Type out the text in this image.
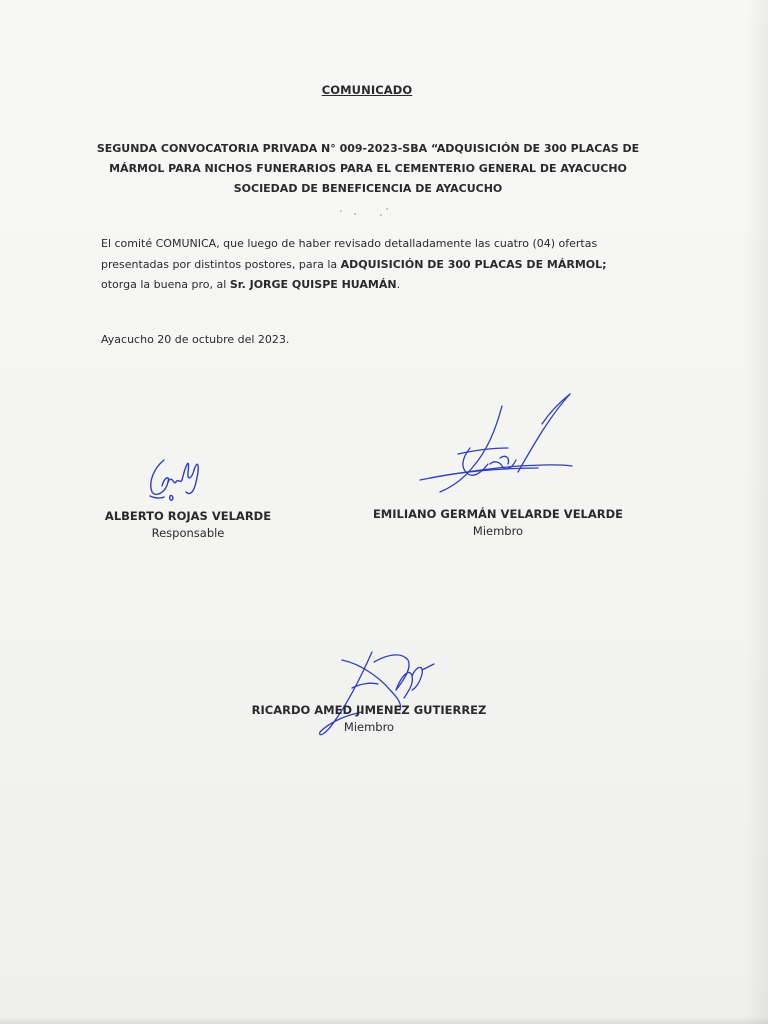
COMUNICADO
SEGUNDA CONVOCATORIA PRIVADA N° 009-2023-SBA “ADQUISICIÓN DE 300 PLACAS DE
MÁRMOL PARA NICHOS FUNERARIOS PARA EL CEMENTERIO GENERAL DE AYACUCHO
SOCIEDAD DE BENEFICENCIA DE AYACUCHO
El comité COMUNICA, que luego de haber revisado detalladamente las cuatro (04) ofertas presentadas por distintos postores, para la ADQUISICIÓN DE 300 PLACAS DE MÁRMOL; otorga la buena pro, al Sr. JORGE QUISPE HUAMÁN.
Ayacucho 20 de octubre del 2023.
ALBERTO ROJAS VELARDE
Responsable
EMILIANO GERMÁN VELARDE VELARDE
Miembro
RICARDO AMED JIMENEZ GUTIERREZ
Miembro
